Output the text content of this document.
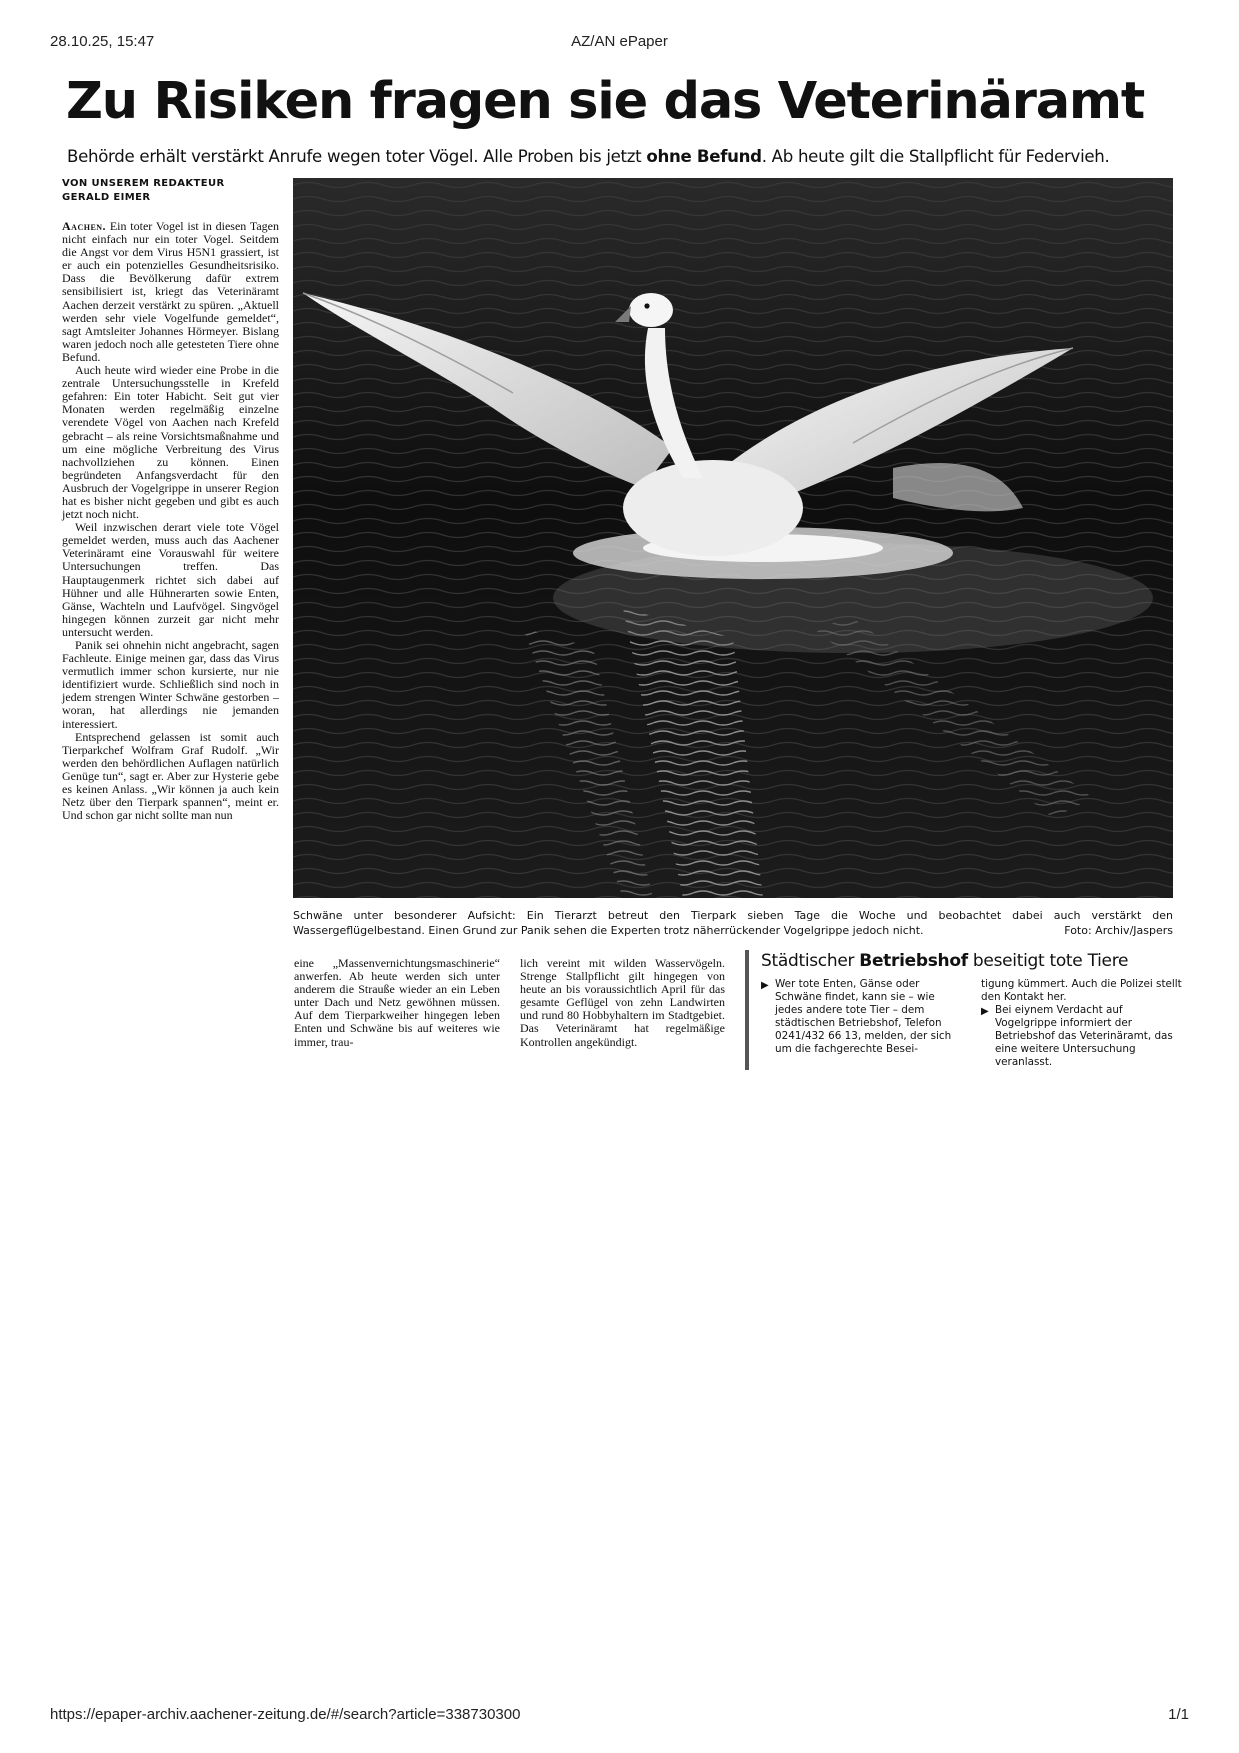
28.10.25, 15:47	AZ/AN ePaper
Zu Risiken fragen sie das Veterinäramt
Behörde erhält verstärkt Anrufe wegen toter Vögel. Alle Proben bis jetzt ohne Befund. Ab heute gilt die Stallpflicht für Federvieh.
VON UNSEREM REDAKTEUR
GERALD EIMER

Aachen. Ein toter Vogel ist in diesen Tagen nicht einfach nur ein toter Vogel. Seitdem die Angst vor dem Virus H5N1 grassiert, ist er auch ein potenzielles Gesundheitsrisiko. Dass die Bevölkerung dafür extrem sensibilisiert ist, kriegt das Veterinäramt Aachen derzeit verstärkt zu spüren. „Aktuell werden sehr viele Vogelfunde gemeldet“, sagt Amtsleiter Johannes Hörmeyer. Bislang waren jedoch noch alle getesteten Tiere ohne Befund.

Auch heute wird wieder eine Probe in die zentrale Untersuchungsstelle in Krefeld gefahren: Ein toter Habicht. Seit gut vier Monaten werden regelmäßig einzelne verendete Vögel von Aachen nach Krefeld gebracht – als reine Vorsichtsmaßnahme und um eine mögliche Verbreitung des Virus nachvollziehen zu können. Einen begründeten Anfangsverdacht für den Ausbruch der Vogelgrippe in unserer Region hat es bisher nicht gegeben und gibt es auch jetzt noch nicht.

Weil inzwischen derart viele tote Vögel gemeldet werden, muss auch das Aachener Veterinäramt eine Vorauswahl für weitere Untersuchungen treffen. Das Hauptaugenmerk richtet sich dabei auf Hühner und alle Hühnerarten sowie Enten, Gänse, Wachteln und Laufvögel. Singvögel hingegen können zurzeit gar nicht mehr untersucht werden.

Panik sei ohnehin nicht angebracht, sagen Fachleute. Einige meinen gar, dass das Virus vermutlich immer schon kursierte, nur nie identifiziert wurde. Schließlich sind noch in jedem strengen Winter Schwäne gestorben – woran, hat allerdings nie jemanden interessiert.

Entsprechend gelassen ist somit auch Tierparkchef Wolfram Graf Rudolf. „Wir werden den behördlichen Auflagen natürlich Genüge tun“, sagt er. Aber zur Hysterie gebe es keinen Anlass. „Wir können ja auch kein Netz über den Tierpark spannen“, meint er. Und schon gar nicht sollte man nun

Schwäne unter besonderer Aufsicht: Ein Tierarzt betreut den Tierpark sieben Tage die Woche und beobachtet dabei auch verstärkt den Wassergeflügelbestand. Einen Grund zur Panik sehen die Experten trotz näherrückender Vogelgrippe jedoch nicht.	Foto: Archiv/Jaspers

eine „Massenvernichtungsmaschinerie“ anwerfen. Ab heute werden sich unter anderem die Strauße wieder an ein Leben unter Dach und Netz gewöhnen müssen. Auf dem Tierparkweiher hingegen leben Enten und Schwäne bis auf weiteres wie immer, trau-

lich vereint mit wilden Wasservögeln. Strenge Stallpflicht gilt hingegen von heute an bis voraussichtlich April für das gesamte Geflügel von zehn Landwirten und rund 80 Hobbyhaltern im Stadtgebiet. Das Veterinäramt hat regelmäßige Kontrollen angekündigt.

Städtischer Betriebshof beseitigt tote Tiere

▶ Wer tote Enten, Gänse oder Schwäne findet, kann sie – wie jedes andere tote Tier – dem städtischen Betriebshof, Telefon 0241/432 66 13, melden, der sich um die fachgerechte Besei-

tigung kümmert. Auch die Polizei stellt den Kontakt her.

▶ Bei eiynem Verdacht auf Vogelgrippe informiert der Betriebshof das Veterinäramt, das eine weitere Untersuchung veranlasst.

https://epaper-archiv.aachener-zeitung.de/#/search?article=338730300	1/1
